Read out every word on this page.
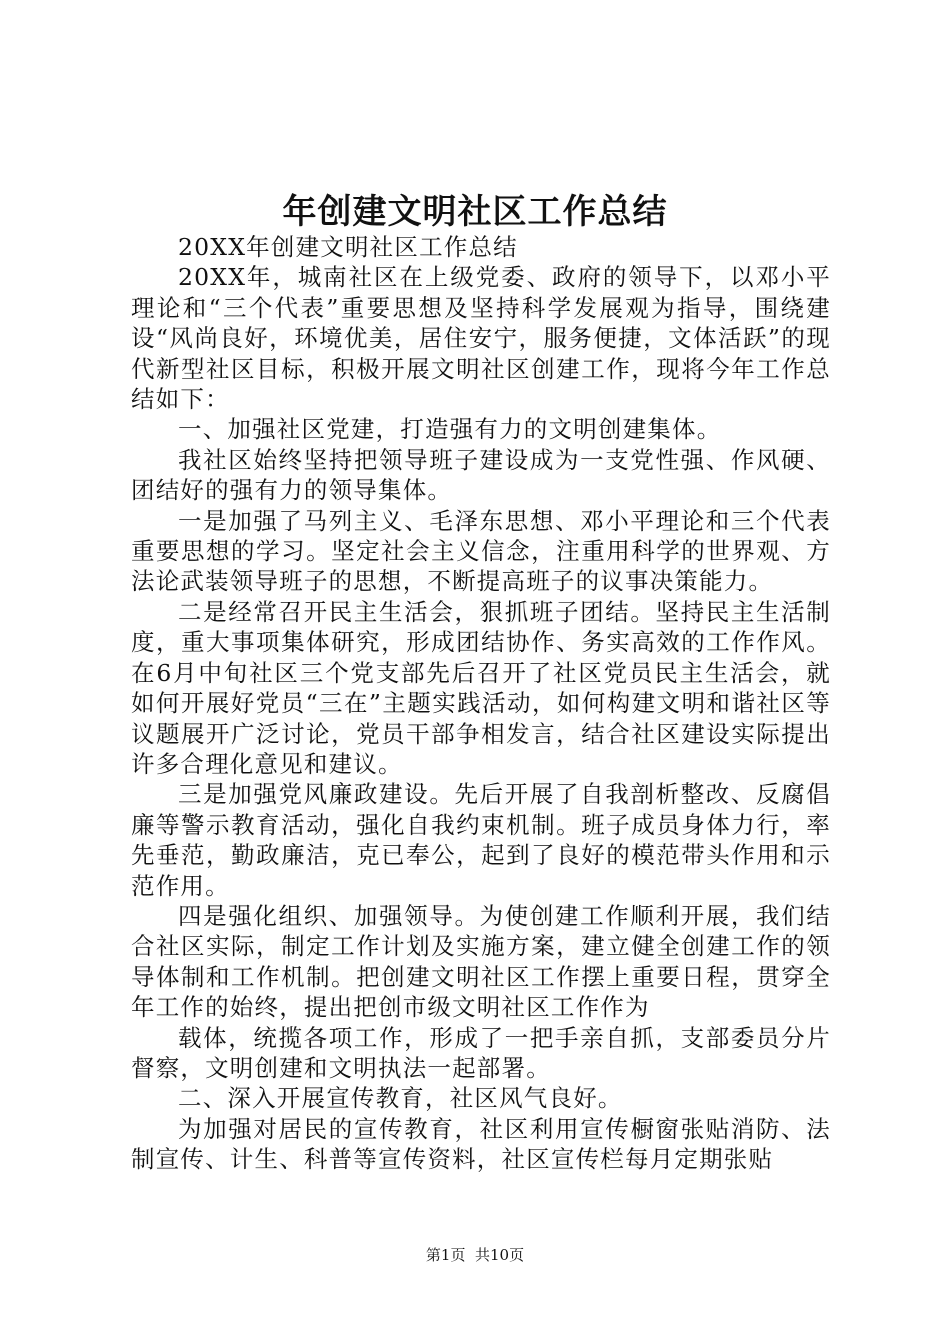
年创建文明社区工作总结

20XX年创建文明社区工作总结

20XX年，城南社区在上级党委、政府的领导下，以邓小平理论和“三个代表”重要思想及坚持科学发展观为指导，围绕建设“风尚良好，环境优美，居住安宁，服务便捷，文体活跃”的现代新型社区目标，积极开展文明社区创建工作，现将今年工作总结如下：

一、加强社区党建，打造强有力的文明创建集体。

我社区始终坚持把领导班子建设成为一支党性强、作风硬、团结好的强有力的领导集体。

一是加强了马列主义、毛泽东思想、邓小平理论和三个代表重要思想的学习。坚定社会主义信念，注重用科学的世界观、方法论武装领导班子的思想，不断提高班子的议事决策能力。

二是经常召开民主生活会，狠抓班子团结。坚持民主生活制度，重大事项集体研究，形成团结协作、务实高效的工作作风。在6月中旬社区三个党支部先后召开了社区党员民主生活会，就如何开展好党员“三在”主题实践活动，如何构建文明和谐社区等议题展开广泛讨论，党员干部争相发言，结合社区建设实际提出许多合理化意见和建议。

三是加强党风廉政建设。先后开展了自我剖析整改、反腐倡廉等警示教育活动，强化自我约束机制。班子成员身体力行，率先垂范，勤政廉洁，克已奉公，起到了良好的模范带头作用和示范作用。

四是强化组织、加强领导。为使创建工作顺利开展，我们结合社区实际，制定工作计划及实施方案，建立健全创建工作的领导体制和工作机制。把创建文明社区工作摆上重要日程，贯穿全年工作的始终，提出把创市级文明社区工作作为

载体，统揽各项工作，形成了一把手亲自抓，支部委员分片督察，文明创建和文明执法一起部署。

二、深入开展宣传教育，社区风气良好。

为加强对居民的宣传教育，社区利用宣传橱窗张贴消防、法制宣传、计生、科普等宣传资料，社区宣传栏每月定期张贴

第1页 共10页
